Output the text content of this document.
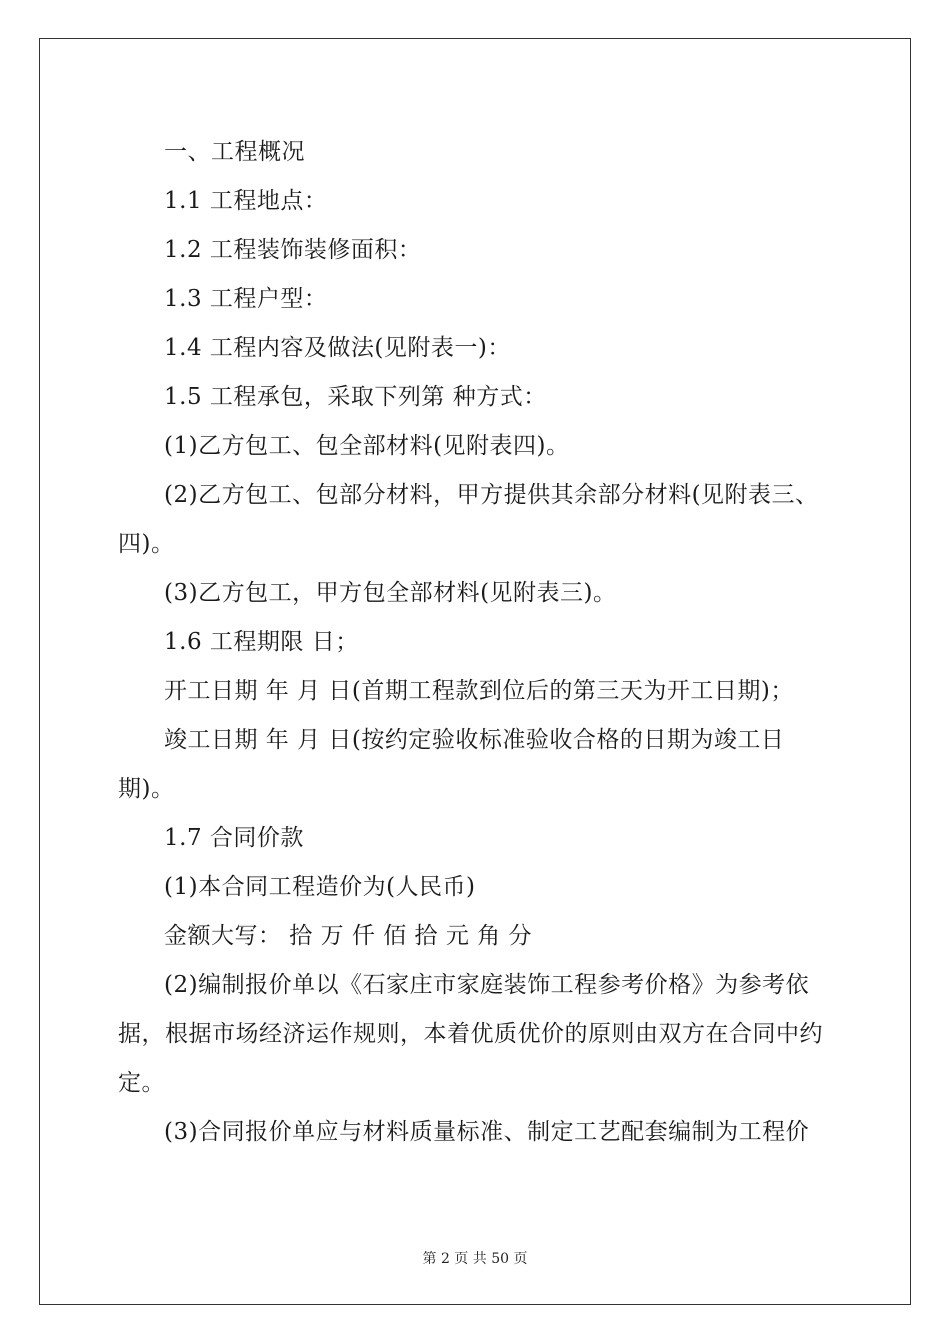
一、工程概况
1.1 工程地点：
1.2 工程装饰装修面积：
1.3 工程户型：
1.4 工程内容及做法(见附表一)：
1.5 工程承包，采取下列第 种方式：
(1)乙方包工、包全部材料(见附表四)。
(2)乙方包工、包部分材料，甲方提供其余部分材料(见附表三、
四)。
(3)乙方包工，甲方包全部材料(见附表三)。
1.6 工程期限 日；
开工日期 年 月 日(首期工程款到位后的第三天为开工日期)；
竣工日期 年 月 日(按约定验收标准验收合格的日期为竣工日
期)。
1.7 合同价款
(1)本合同工程造价为(人民币)
金额大写： 拾 万 仟 佰 拾 元 角 分
(2)编制报价单以《石家庄市家庭装饰工程参考价格》为参考依
据，根据市场经济运作规则，本着优质优价的原则由双方在合同中约
定。
(3)合同报价单应与材料质量标准、制定工艺配套编制为工程价
第 2 页 共 50 页
